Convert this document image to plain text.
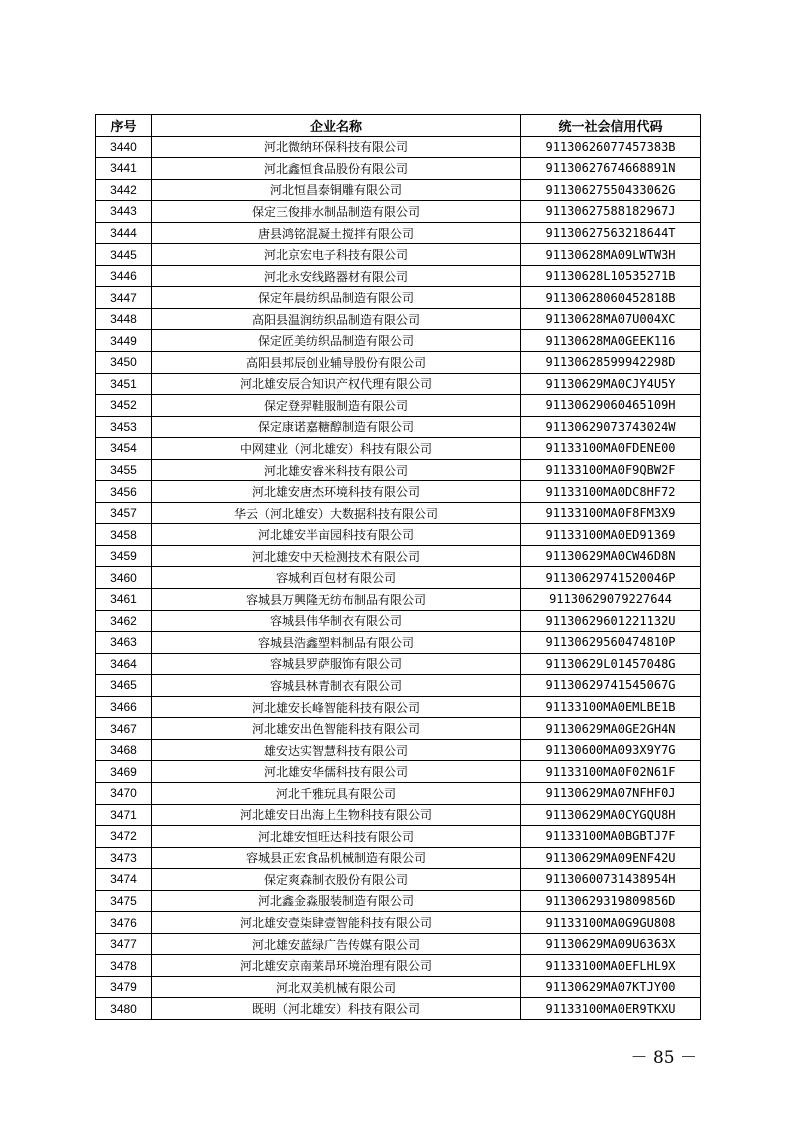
序号	企业名称	统一社会信用代码
3440	河北微纳环保科技有限公司	91130626077457383B
3441	河北鑫恒食品股份有限公司	91130627674668891N
3442	河北恒昌泰铜雕有限公司	91130627550433062G
3443	保定三俊排水制品制造有限公司	91130627588182967J
3444	唐县鸿铭混凝土搅拌有限公司	91130627563218644T
3445	河北京宏电子科技有限公司	91130628MA09LWTW3H
3446	河北永安线路器材有限公司	91130628L10535271B
3447	保定年晨纺织品制造有限公司	91130628060452818B
3448	高阳县温润纺织品制造有限公司	91130628MA07U004XC
3449	保定匠美纺织品制造有限公司	91130628MA0GEEK116
3450	高阳县邦辰创业辅导股份有限公司	91130628599942298D
3451	河北雄安辰合知识产权代理有限公司	91130629MA0CJY4U5Y
3452	保定登羿鞋服制造有限公司	91130629060465109H
3453	保定康诺嘉糖醇制造有限公司	91130629073743024W
3454	中网建业（河北雄安）科技有限公司	91133100MA0FDENE00
3455	河北雄安睿米科技有限公司	91133100MA0F9QBW2F
3456	河北雄安唐杰环境科技有限公司	91133100MA0DC8HF72
3457	华云（河北雄安）大数据科技有限公司	91133100MA0F8FM3X9
3458	河北雄安半亩园科技有限公司	91133100MA0ED91369
3459	河北雄安中天检测技术有限公司	91130629MA0CW46D8N
3460	容城利百包材有限公司	91130629741520046P
3461	容城县万興隆无纺布制品有限公司	91130629079227644
3462	容城县伟华制衣有限公司	91130629601221132U
3463	容城县浩鑫塑料制品有限公司	91130629560474810P
3464	容城县罗萨服饰有限公司	91130629L01457048G
3465	容城县林青制衣有限公司	91130629741545067G
3466	河北雄安长峰智能科技有限公司	91133100MA0EMLBE1B
3467	河北雄安出色智能科技有限公司	91130629MA0GE2GH4N
3468	雄安达实智慧科技有限公司	91130600MA093X9Y7G
3469	河北雄安华儒科技有限公司	91133100MA0F02N61F
3470	河北千雅玩具有限公司	91130629MA07NFHF0J
3471	河北雄安日出海上生物科技有限公司	91130629MA0CYGQU8H
3472	河北雄安恒旺达科技有限公司	91133100MA0BGBTJ7F
3473	容城县正宏食品机械制造有限公司	91130629MA09ENF42U
3474	保定爽森制衣股份有限公司	91130600731438954H
3475	河北鑫金淼服装制造有限公司	91130629319809856D
3476	河北雄安壹柒肆壹智能科技有限公司	91133100MA0G9GU808
3477	河北雄安蓝绿广告传媒有限公司	91130629MA09U6363X
3478	河北雄安京南莱昂环境治理有限公司	91133100MA0EFLHL9X
3479	河北双美机械有限公司	91130629MA07KTJY00
3480	既明（河北雄安）科技有限公司	91133100MA0ER9TKXU
－ 85 －
